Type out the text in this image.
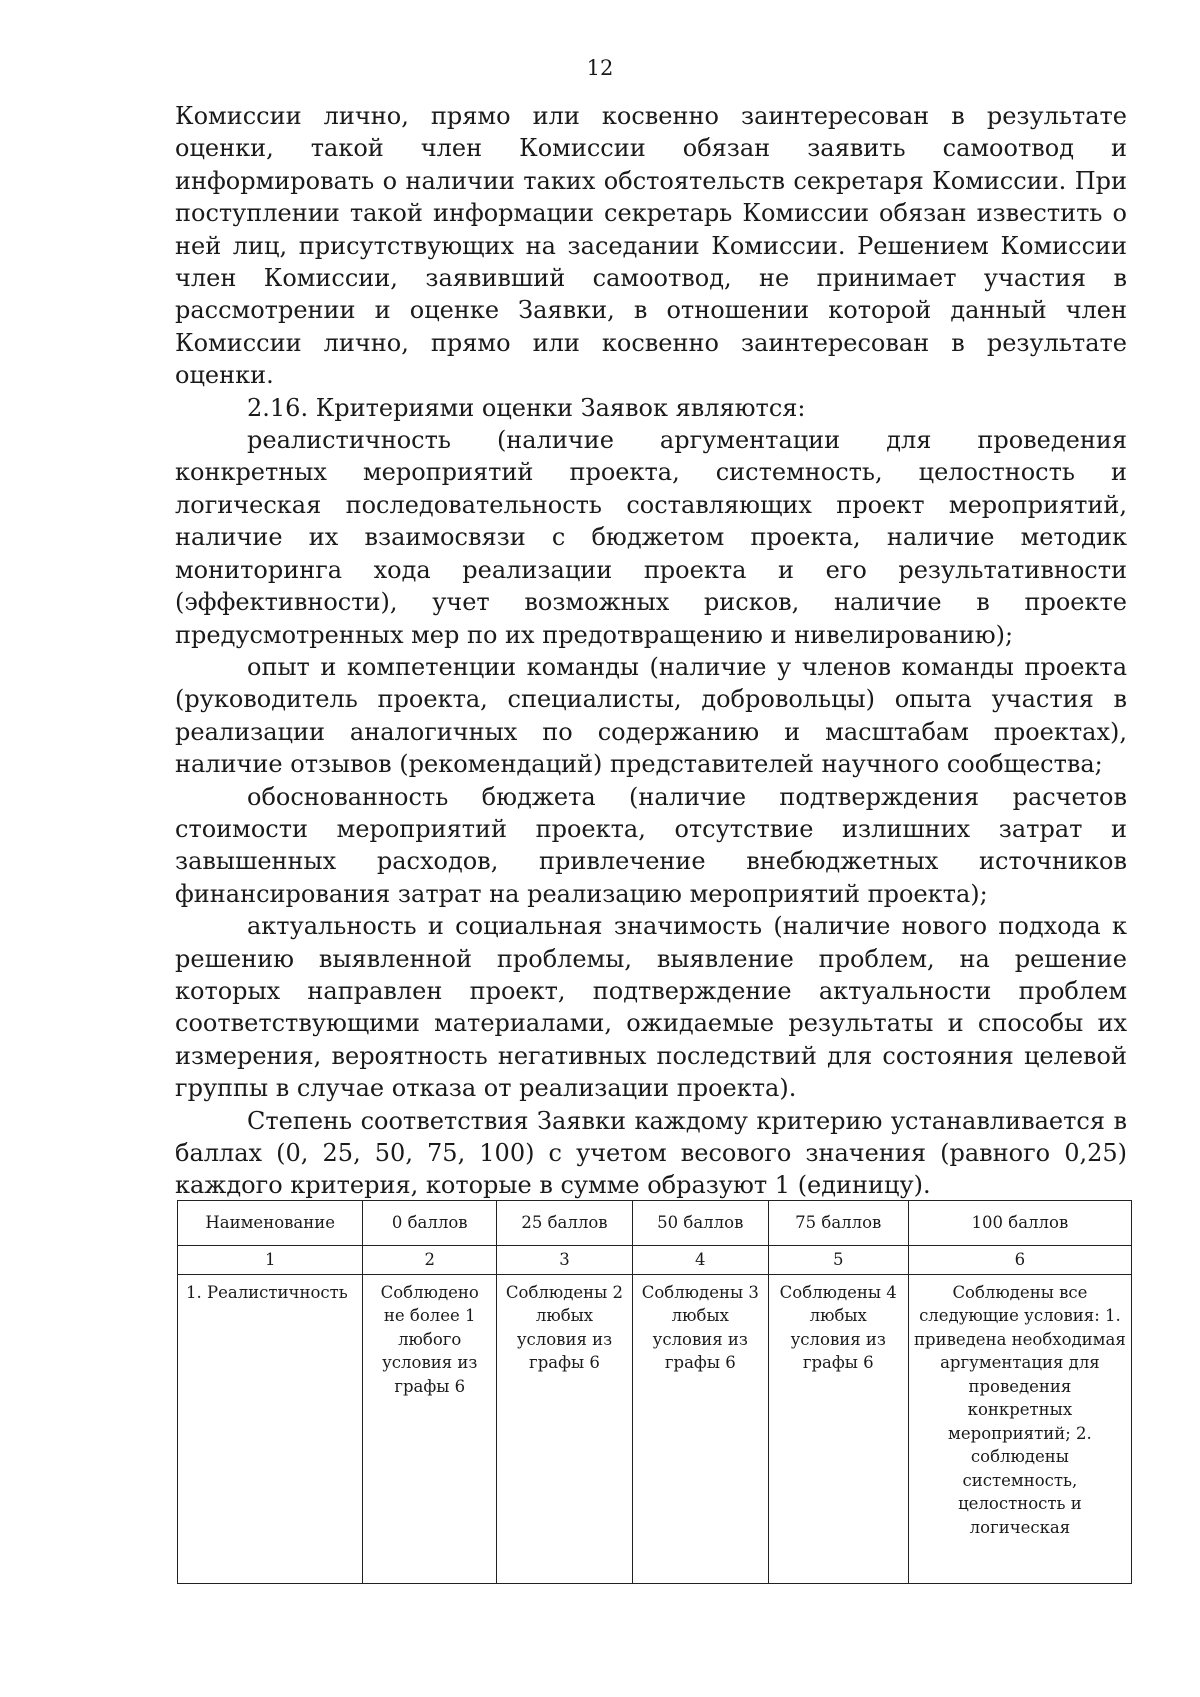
12

Комиссии лично, прямо или косвенно заинтересован в результате оценки, такой член Комиссии обязан заявить самоотвод и информировать о наличии таких обстоятельств секретаря Комиссии. При поступлении такой информации секретарь Комиссии обязан известить о ней лиц, присутствующих на заседании Комиссии. Решением Комиссии член Комиссии, заявивший самоотвод, не принимает участия в рассмотрении и оценке Заявки, в отношении которой данный член Комиссии лично, прямо или косвенно заинтересован в результате оценки.

2.16. Критериями оценки Заявок являются:

реалистичность (наличие аргументации для проведения конкретных мероприятий проекта, системность, целостность и логическая последовательность составляющих проект мероприятий, наличие их взаимосвязи с бюджетом проекта, наличие методик мониторинга хода реализации проекта и его результативности (эффективности), учет возможных рисков, наличие в проекте предусмотренных мер по их предотвращению и нивелированию);

опыт и компетенции команды (наличие у членов команды проекта (руководитель проекта, специалисты, добровольцы) опыта участия в реализации аналогичных по содержанию и масштабам проектах), наличие отзывов (рекомендаций) представителей научного сообщества;

обоснованность бюджета (наличие подтверждения расчетов стоимости мероприятий проекта, отсутствие излишних затрат и завышенных расходов, привлечение внебюджетных источников финансирования затрат на реализацию мероприятий проекта);

актуальность и социальная значимость (наличие нового подхода к решению выявленной проблемы, выявление проблем, на решение которых направлен проект, подтверждение актуальности проблем соответствующими материалами, ожидаемые результаты и способы их измерения, вероятность негативных последствий для состояния целевой группы в случае отказа от реализации проекта).

Степень соответствия Заявки каждому критерию устанавливается в баллах (0, 25, 50, 75, 100) с учетом весового значения (равного 0,25) каждого критерия, которые в сумме образуют 1 (единицу).

Наименование	0 баллов	25 баллов	50 баллов	75 баллов	100 баллов
1	2	3	4	5	6
1. Реалистичность	Соблюдено не более 1 любого условия из графы 6	Соблюдены 2 любых условия из графы 6	Соблюдены 3 любых условия из графы 6	Соблюдены 4 любых условия из графы 6	Соблюдены все следующие условия: 1. приведена необходимая аргументация для проведения конкретных мероприятий; 2. соблюдены системность, целостность и логическая
